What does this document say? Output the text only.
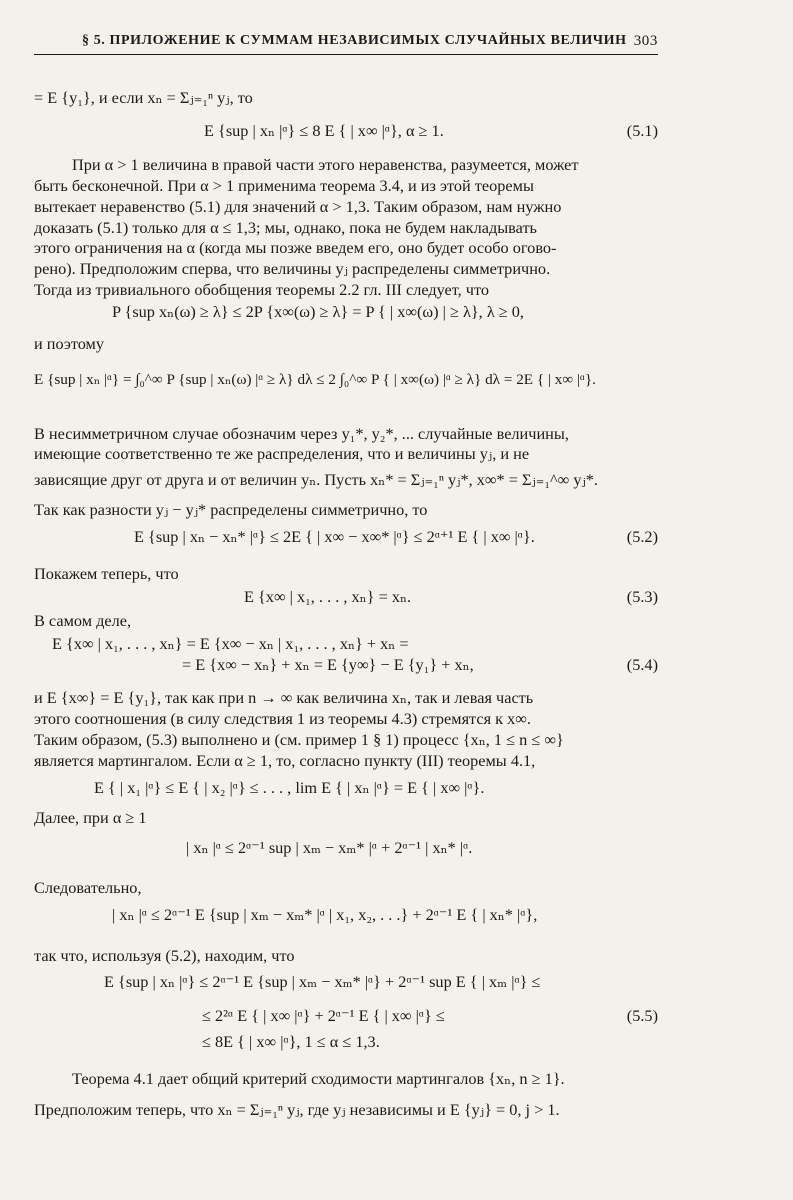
§ 5. ПРИЛОЖЕНИЕ К СУММАМ НЕЗАВИСИМЫХ СЛУЧАЙНЫХ ВЕЛИЧИН 303
= E {y₁}, и если xₙ = Σⱼ₌₁ⁿ yⱼ, то
E {sup | xₙ |ᵅ} ≤ 8 E { | x∞ |ᵅ}, α ≥ 1.	(5.1)
При α > 1 величина в правой части этого неравенства, разумеется, может
быть бесконечной. При α > 1 применима теорема 3.4, и из этой теоремы
вытекает неравенство (5.1) для значений α > 1,3. Таким образом, нам нужно
доказать (5.1) только для α ≤ 1,3; мы, однако, пока не будем накладывать
этого ограничения на α (когда мы позже введем его, оно будет особо огово-
рено). Предположим сперва, что величины yⱼ распределены симметрично.
Тогда из тривиального обобщения теоремы 2.2 гл. III следует, что
P {sup xₙ(ω) ≥ λ} ≤ 2P {x∞(ω) ≥ λ} = P { | x∞(ω) | ≥ λ}, λ ≥ 0,
и поэтому
E {sup | xₙ |ᵅ} = ∫₀^∞ P {sup | xₙ(ω) |ᵅ ≥ λ} dλ ≤ 2 ∫₀^∞ P { | x∞(ω) |ᵅ ≥ λ} dλ = 2E { | x∞ |ᵅ}.
В несимметричном случае обозначим через y₁*, y₂*, ... случайные величины,
имеющие соответственно те же распределения, что и величины yⱼ, и не
зависящие друг от друга и от величин yₙ. Пусть xₙ* = Σⱼ₌₁ⁿ yⱼ*, x∞* = Σⱼ₌₁^∞ yⱼ*.
Так как разности yⱼ − yⱼ* распределены симметрично, то
E {sup | xₙ − xₙ* |ᵅ} ≤ 2E { | x∞ − x∞* |ᵅ} ≤ 2ᵅ⁺¹ E { | x∞ |ᵅ}.	(5.2)
Покажем теперь, что
E {x∞ | x₁, . . . , xₙ} = xₙ.	(5.3)
В самом деле,
E {x∞ | x₁, . . . , xₙ} = E {x∞ − xₙ | x₁, . . . , xₙ} + xₙ =
= E {x∞ − xₙ} + xₙ = E {y∞} − E {y₁} + xₙ,	(5.4)
и E {x∞} = E {y₁}, так как при n → ∞ как величина xₙ, так и левая часть
этого соотношения (в силу следствия 1 из теоремы 4.3) стремятся к x∞.
Таким образом, (5.3) выполнено и (см. пример 1 § 1) процесс {xₙ, 1 ≤ n ≤ ∞}
является мартингалом. Если α ≥ 1, то, согласно пункту (III) теоремы 4.1,
E { | x₁ |ᵅ} ≤ E { | x₂ |ᵅ} ≤ . . . , lim E { | xₙ |ᵅ} = E { | x∞ |ᵅ}.
Далее, при α ≥ 1
| xₙ |ᵅ ≤ 2ᵅ⁻¹ sup | xₘ − xₘ* |ᵅ + 2ᵅ⁻¹ | xₙ* |ᵅ.
Следовательно,
| xₙ |ᵅ ≤ 2ᵅ⁻¹ E {sup | xₘ − xₘ* |ᵅ | x₁, x₂, . . .} + 2ᵅ⁻¹ E { | xₙ* |ᵅ},
так что, используя (5.2), находим, что
E {sup | xₙ |ᵅ} ≤ 2ᵅ⁻¹ E {sup | xₘ − xₘ* |ᵅ} + 2ᵅ⁻¹ sup E { | xₘ |ᵅ} ≤
≤ 2²ᵅ E { | x∞ |ᵅ} + 2ᵅ⁻¹ E { | x∞ |ᵅ} ≤	(5.5)
≤ 8E { | x∞ |ᵅ}, 1 ≤ α ≤ 1,3.
Теорема 4.1 дает общий критерий сходимости мартингалов {xₙ, n ≥ 1}.
Предположим теперь, что xₙ = Σⱼ₌₁ⁿ yⱼ, где yⱼ независимы и E {yⱼ} = 0, j > 1.
